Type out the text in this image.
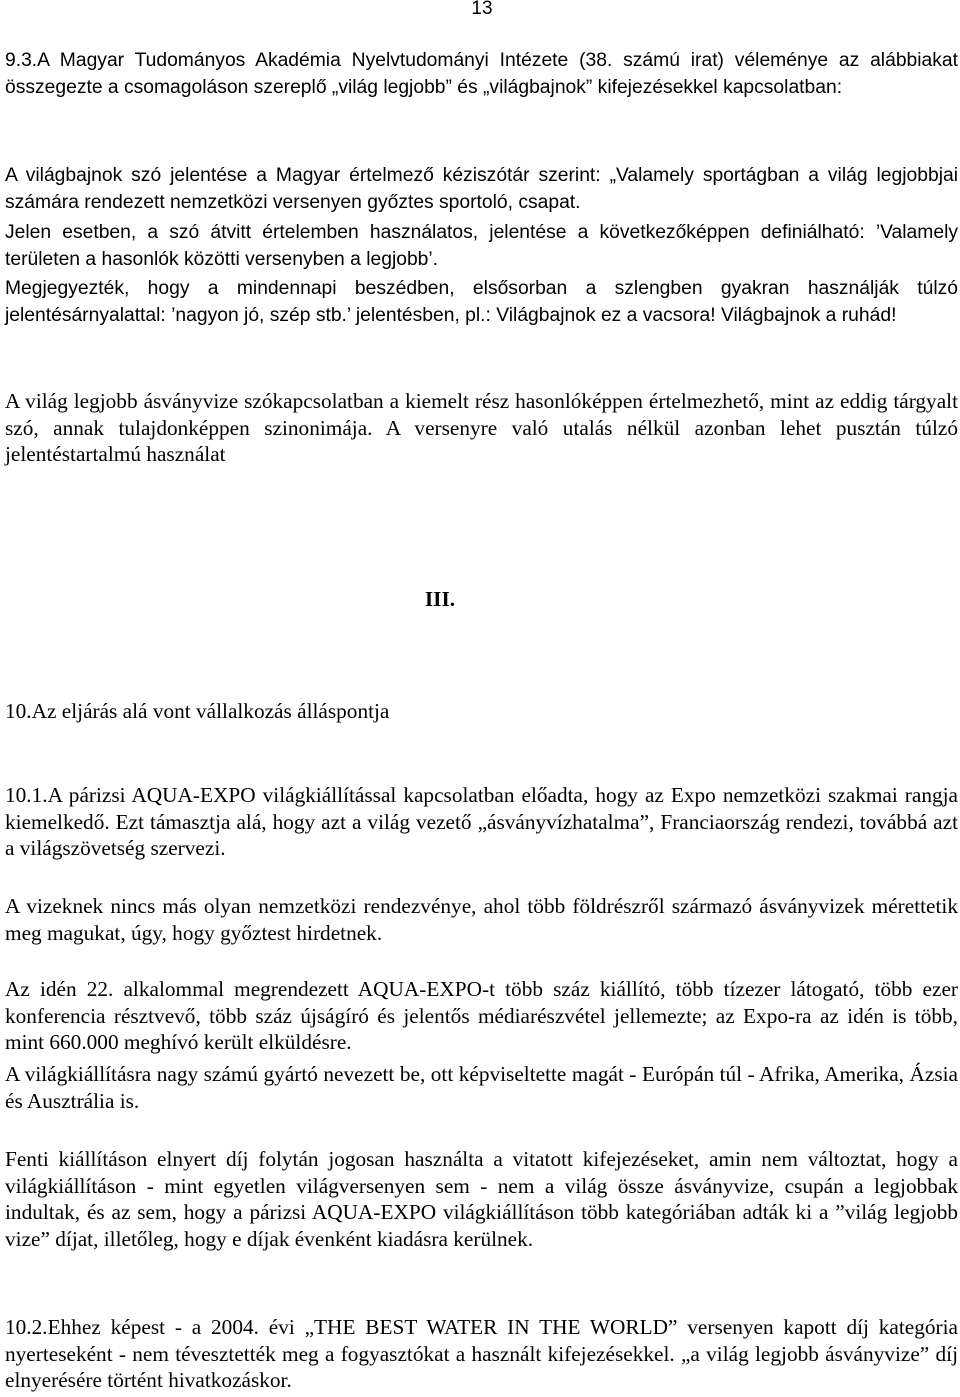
13

9.3.A Magyar Tudományos Akadémia Nyelvtudományi Intézete (38. számú irat) véleménye az alábbiakat összegezte a csomagoláson szereplő „világ legjobb” és „világbajnok” kifejezésekkel kapcsolatban:

A világbajnok szó jelentése a Magyar értelmező kéziszótár szerint: „Valamely sportágban a világ legjobbjai számára rendezett nemzetközi versenyen győztes sportoló, csapat.

Jelen esetben, a szó átvitt értelemben használatos, jelentése a következőképpen definiálható: ’Valamely területen a hasonlók közötti versenyben a legjobb’.

Megjegyezték, hogy a mindennapi beszédben, elsősorban a szlengben gyakran használják túlzó jelentésárnyalattal: ’nagyon jó, szép stb.’ jelentésben, pl.: Világbajnok ez a vacsora! Világbajnok a ruhád!

A világ legjobb ásványvize szókapcsolatban a kiemelt rész hasonlóképpen értelmezhető, mint az eddig tárgyalt szó, annak tulajdonképpen szinonimája. A versenyre való utalás nélkül azonban lehet pusztán túlzó jelentéstartalmú használat

III.

10.Az eljárás alá vont vállalkozás álláspontja

10.1.A párizsi AQUA-EXPO világkiállítással kapcsolatban előadta, hogy az Expo nemzetközi szakmai rangja kiemelkedő. Ezt támasztja alá, hogy azt a világ vezető „ásványvízhatalma”, Franciaország rendezi, továbbá azt a világszövetség szervezi.

A vizeknek nincs más olyan nemzetközi rendezvénye, ahol több földrészről származó ásványvizek mérettetik meg magukat, úgy, hogy győztest hirdetnek.

Az idén 22. alkalommal megrendezett AQUA-EXPO-t több száz kiállító, több tízezer látogató, több ezer konferencia résztvevő, több száz újságíró és jelentős médiarészvétel jellemezte; az Expo-ra az idén is több, mint 660.000 meghívó került elküldésre.

A világkiállításra nagy számú gyártó nevezett be, ott képviseltette magát - Európán túl - Afrika, Amerika, Ázsia és Ausztrália is.

Fenti kiállításon elnyert díj folytán jogosan használta a vitatott kifejezéseket, amin nem változtat, hogy a világkiállításon - mint egyetlen világversenyen sem - nem a világ össze ásványvize, csupán a legjobbak indultak, és az sem, hogy a párizsi AQUA-EXPO világkiállításon több kategóriában adták ki a ”világ legjobb vize” díjat, illetőleg, hogy e díjak évenként kiadásra kerülnek.

10.2.Ehhez képest - a 2004. évi „THE BEST WATER IN THE WORLD” versenyen kapott díj kategória nyerteseként - nem tévesztették meg a fogyasztókat a használt kifejezésekkel. „a világ legjobb ásványvize” díj elnyerésére történt hivatkozáskor.
